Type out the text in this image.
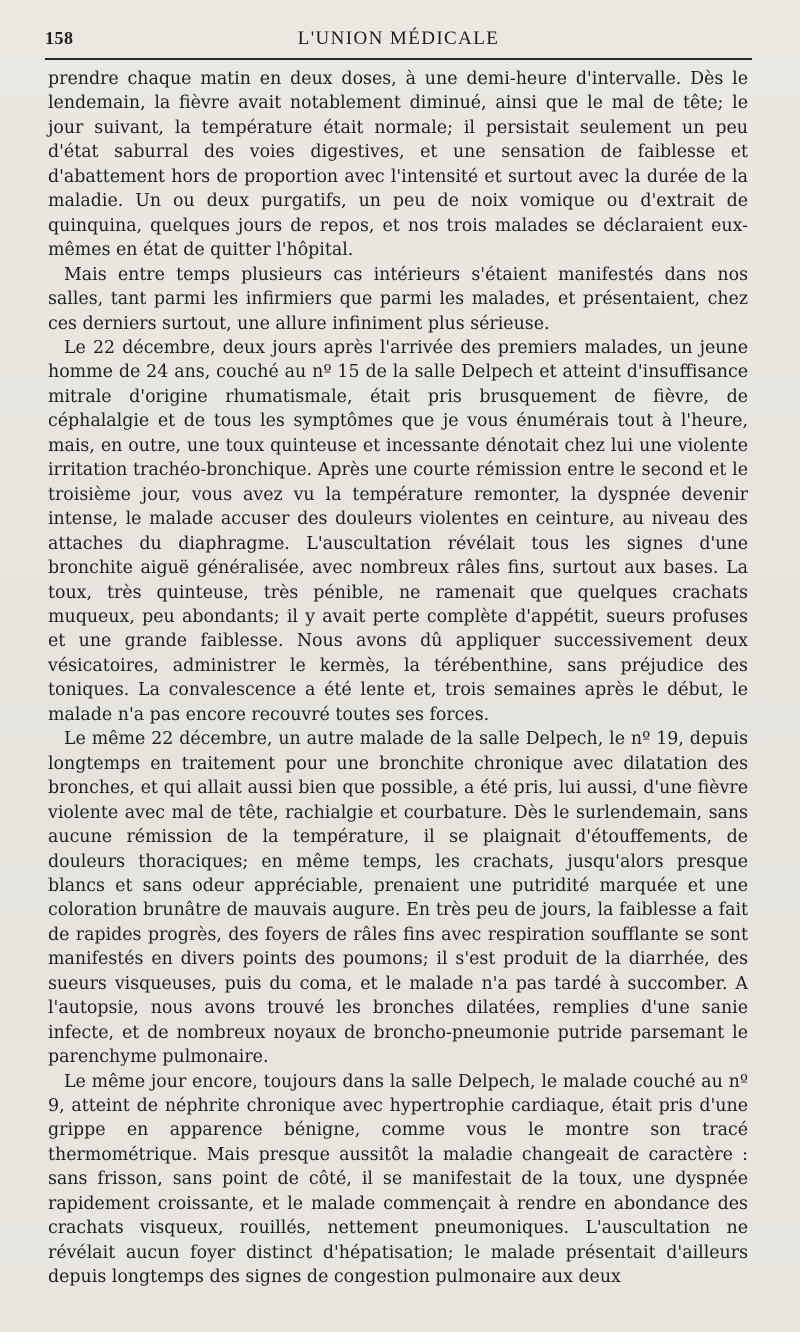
158	L'UNION MÉDICALE

prendre chaque matin en deux doses, à une demi-heure d'intervalle. Dès le lendemain, la fièvre avait notablement diminué, ainsi que le mal de tête; le jour suivant, la température était normale; il persistait seulement un peu d'état saburral des voies digestives, et une sensation de faiblesse et d'abattement hors de proportion avec l'intensité et surtout avec la durée de la maladie. Un ou deux purgatifs, un peu de noix vomique ou d'extrait de quinquina, quelques jours de repos, et nos trois malades se déclaraient eux-mêmes en état de quitter l'hôpital.

Mais entre temps plusieurs cas intérieurs s'étaient manifestés dans nos salles, tant parmi les infirmiers que parmi les malades, et présentaient, chez ces derniers surtout, une allure infiniment plus sérieuse.

Le 22 décembre, deux jours après l'arrivée des premiers malades, un jeune homme de 24 ans, couché au nº 15 de la salle Delpech et atteint d'insuffisance mitrale d'origine rhumatismale, était pris brusquement de fièvre, de céphalalgie et de tous les symptômes que je vous énumérais tout à l'heure, mais, en outre, une toux quinteuse et incessante dénotait chez lui une violente irritation trachéo-bronchique. Après une courte rémission entre le second et le troisième jour, vous avez vu la température remonter, la dyspnée devenir intense, le malade accuser des douleurs violentes en ceinture, au niveau des attaches du diaphragme. L'auscultation révélait tous les signes d'une bronchite aiguë généralisée, avec nombreux râles fins, surtout aux bases. La toux, très quinteuse, très pénible, ne ramenait que quelques crachats muqueux, peu abondants; il y avait perte complète d'appétit, sueurs profuses et une grande faiblesse. Nous avons dû appliquer successivement deux vésicatoires, administrer le kermès, la térébenthine, sans préjudice des toniques. La convalescence a été lente et, trois semaines après le début, le malade n'a pas encore recouvré toutes ses forces.

Le même 22 décembre, un autre malade de la salle Delpech, le nº 19, depuis longtemps en traitement pour une bronchite chronique avec dilatation des bronches, et qui allait aussi bien que possible, a été pris, lui aussi, d'une fièvre violente avec mal de tête, rachialgie et courbature. Dès le surlendemain, sans aucune rémission de la température, il se plaignait d'étouffements, de douleurs thoraciques; en même temps, les crachats, jusqu'alors presque blancs et sans odeur appréciable, prenaient une putridité marquée et une coloration brunâtre de mauvais augure. En très peu de jours, la faiblesse a fait de rapides progrès, des foyers de râles fins avec respiration soufflante se sont manifestés en divers points des poumons; il s'est produit de la diarrhée, des sueurs visqueuses, puis du coma, et le malade n'a pas tardé à succomber. A l'autopsie, nous avons trouvé les bronches dilatées, remplies d'une sanie infecte, et de nombreux noyaux de broncho-pneumonie putride parsemant le parenchyme pulmonaire.

Le même jour encore, toujours dans la salle Delpech, le malade couché au nº 9, atteint de néphrite chronique avec hypertrophie cardiaque, était pris d'une grippe en apparence bénigne, comme vous le montre son tracé thermométrique. Mais presque aussitôt la maladie changeait de caractère : sans frisson, sans point de côté, il se manifestait de la toux, une dyspnée rapidement croissante, et le malade commençait à rendre en abondance des crachats visqueux, rouillés, nettement pneumoniques. L'auscultation ne révélait aucun foyer distinct d'hépatisation; le malade présentait d'ailleurs depuis longtemps des signes de congestion pulmonaire aux deux
